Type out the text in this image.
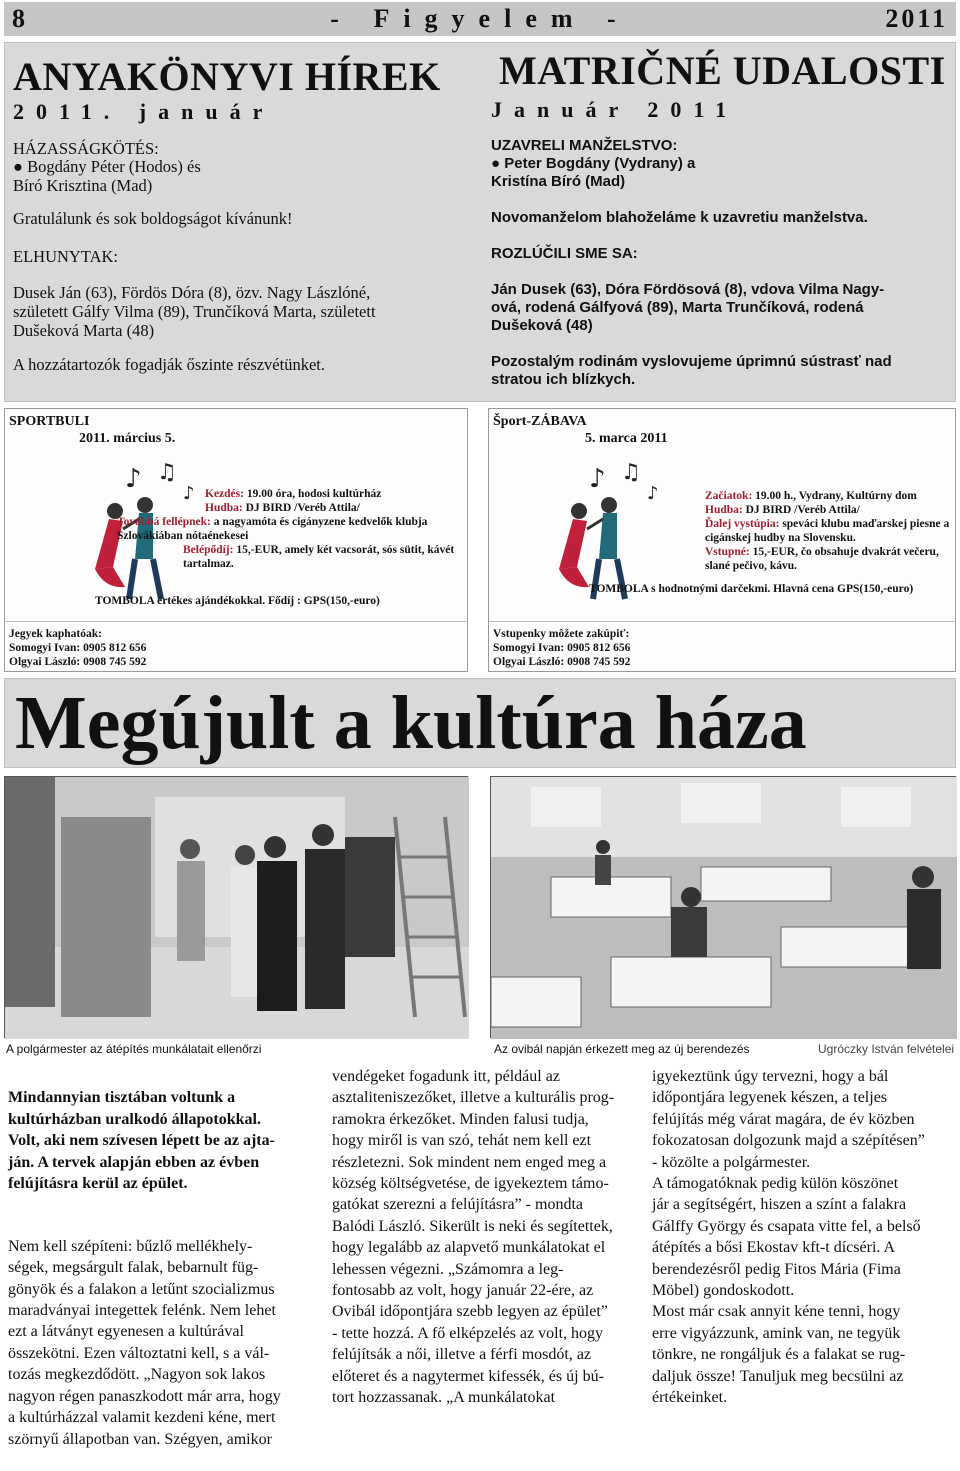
8	- Figyelem -	2011
ANYAKÖNYVI HÍREK
2011. január
HÁZASSÁGKÖTÉS:
● Bogdány Péter (Hodos) és
Bíró Krisztina (Mad)
Gratulálunk és sok boldogságot kívánunk!
ELHUNYTAK:
Dusek Ján (63), Fördös Dóra (8), özv. Nagy Lászlóné,
született Gálfy Vilma (89), Trunčíková Marta, született
Dušeková Marta (48)
A hozzátartozók fogadják őszinte részvétünket.
MATRIČNÉ UDALOSTI
Január 2011
UZAVRELI MANŽELSTVO:
● Peter Bogdány (Vydrany) a
Kristína Bíró (Mad)
Novomanželom blahoželáme k uzavretiu manželstva.
ROZLÚČILI SME SA:
Ján Dusek (63), Dóra Fördösová (8), vdova Vilma Nagy-
ová, rodená Gálfyová (89), Marta Trunčíková, rodená
Dušeková (48)
Pozostalým rodinám vyslovujeme úprimnú sústrasť nad
stratou ich blízkych.
SPORTBULI
2011. március 5.
♪ ♫
♪ Kezdés: 19.00 óra, hodosi kultúrház
Hudba: DJ BIRD /Veréb Attila/
Továbbá fellépnek: a nagyamóta és cigányzene kedvelők klubja Szlovákiában nótaénekesei
Belépődíj: 15,-EUR, amely két vacsorát, sós sütit, kávét tartalmaz.
TOMBOLA értékes ajándékokkal. Fődíj : GPS(150,-euro)
Jegyek kaphatóak:
Somogyi Ivan: 0905 812 656
Olgyai László: 0908 745 592
Šport-ZÁBAVA
5. marca 2011
♪ ♫
♪	Začiatok: 19.00 h., Vydrany, Kultúrny dom
Hudba: DJ BIRD /Veréb Attila/
Ďalej vystúpia: speváci klubu maďarskej piesne a cigánskej hudby na Slovensku.
Vstupné: 15,-EUR, čo obsahuje dvakrát večeru, slané pečivo, kávu.
TOMBOLA s hodnotnými darčekmi. Hlavná cena GPS(150,-euro)
Vstupenky môžete zakúpiť:
Somogyi Ivan: 0905 812 656
Olgyai László: 0908 745 592
Megújult a kultúra háza
A polgármester az átépítés munkálatait ellenőrzi	Az ovibál napján érkezett meg az új berendezés	Ugróczky István felvételei

Mindannyian tisztában voltunk a
kultúrházban uralkodó állapotokkal.
Volt, aki nem szívesen lépett be az ajta-
ján. A tervek alapján ebben az évben
felújításra kerül az épület.

Nem kell szépíteni: bűzlő mellékhely-
ségek, megsárgult falak, bebarnult füg-
gönyök és a falakon a letűnt szocializmus
maradványai integettek felénk. Nem lehet
ezt a látványt egyenesen a kultúrával
összekötni. Ezen változtatni kell, s a vál-
tozás megkezdődött. „Nagyon sok lakos
nagyon régen panaszkodott már arra, hogy
a kultúrházzal valamit kezdeni kéne, mert
szörnyű állapotban van. Szégyen, amikor

vendégeket fogadunk itt, például az
asztaliteniszezőket, illetve a kulturális prog-
ramokra érkezőket. Minden falusi tudja,
hogy miről is van szó, tehát nem kell ezt
részletezni. Sok mindent nem enged meg a
község költségvetése, de igyekeztem támo-
gatókat szerezni a felújításra” - mondta
Balódi László. Sikerült is neki és segítettek,
hogy legalább az alapvető munkálatokat el
lehessen végezni. „Számomra a leg-
fontosabb az volt, hogy január 22-ére, az
Ovibál időpontjára szebb legyen az épület”
- tette hozzá. A fő elképzelés az volt, hogy
felújítsák a női, illetve a férfi mosdót, az
előteret és a nagytermet kifessék, és új bú-
tort hozzassanak. „A munkálatokat
igyekeztünk úgy tervezni, hogy a bál
időpontjára legyenek készen, a teljes
felújítás még várat magára, de év közben
fokozatosan dolgozunk majd a szépítésen”
- közölte a polgármester.
A támogatóknak pedig külön köszönet
jár a segítségért, hiszen a színt a falakra
Gálffy György és csapata vitte fel, a belső
átépítés a bősi Ekostav kft-t dícséri. A
berendezésről pedig Fitos Mária (Fima
Möbel) gondoskodott.
Most már csak annyit kéne tenni, hogy
erre vigyázzunk, amink van, ne tegyük
tönkre, ne rongáljuk és a falakat se rug-
daljuk össze! Tanuljuk meg becsülni az
értékeinket.
